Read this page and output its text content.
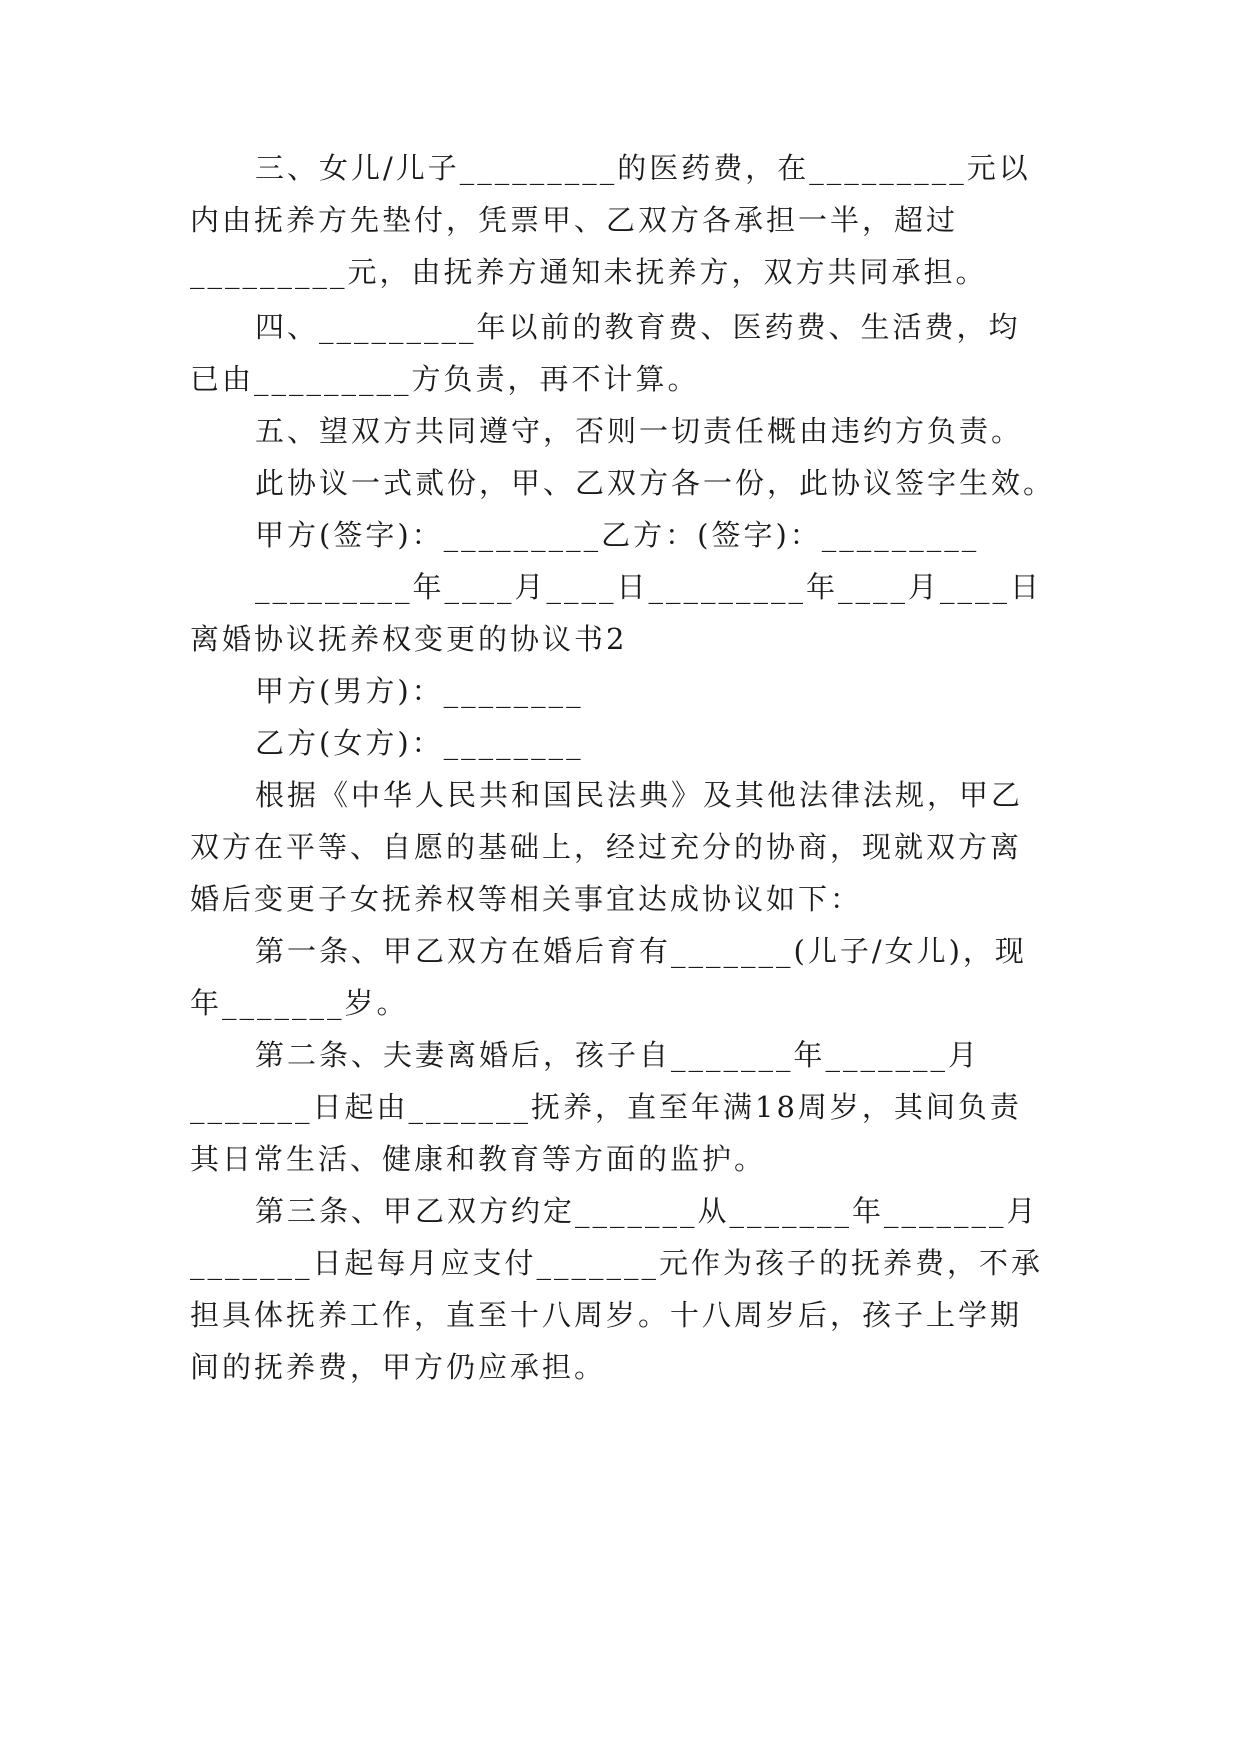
三、女儿/儿子_________的医药费，在_________元以
内由抚养方先垫付，凭票甲、乙双方各承担一半，超过
_________元，由抚养方通知未抚养方，双方共同承担。
四、_________年以前的教育费、医药费、生活费，均
已由_________方负责，再不计算。
五、望双方共同遵守，否则一切责任概由违约方负责。
此协议一式贰份，甲、乙双方各一份，此协议签字生效。
甲方(签字)：_________乙方：(签字)：_________
_________年____月____日_________年____月____日
离婚协议抚养权变更的协议书2
甲方(男方)：________
乙方(女方)：________
根据《中华人民共和国民法典》及其他法律法规，甲乙
双方在平等、自愿的基础上，经过充分的协商，现就双方离
婚后变更子女抚养权等相关事宜达成协议如下：
第一条、甲乙双方在婚后育有_______(儿子/女儿)，现
年_______岁。
第二条、夫妻离婚后，孩子自_______年_______月
_______日起由_______抚养，直至年满18周岁，其间负责
其日常生活、健康和教育等方面的监护。
第三条、甲乙双方约定_______从_______年_______月
_______日起每月应支付_______元作为孩子的抚养费，不承
担具体抚养工作，直至十八周岁。十八周岁后，孩子上学期
间的抚养费，甲方仍应承担。
